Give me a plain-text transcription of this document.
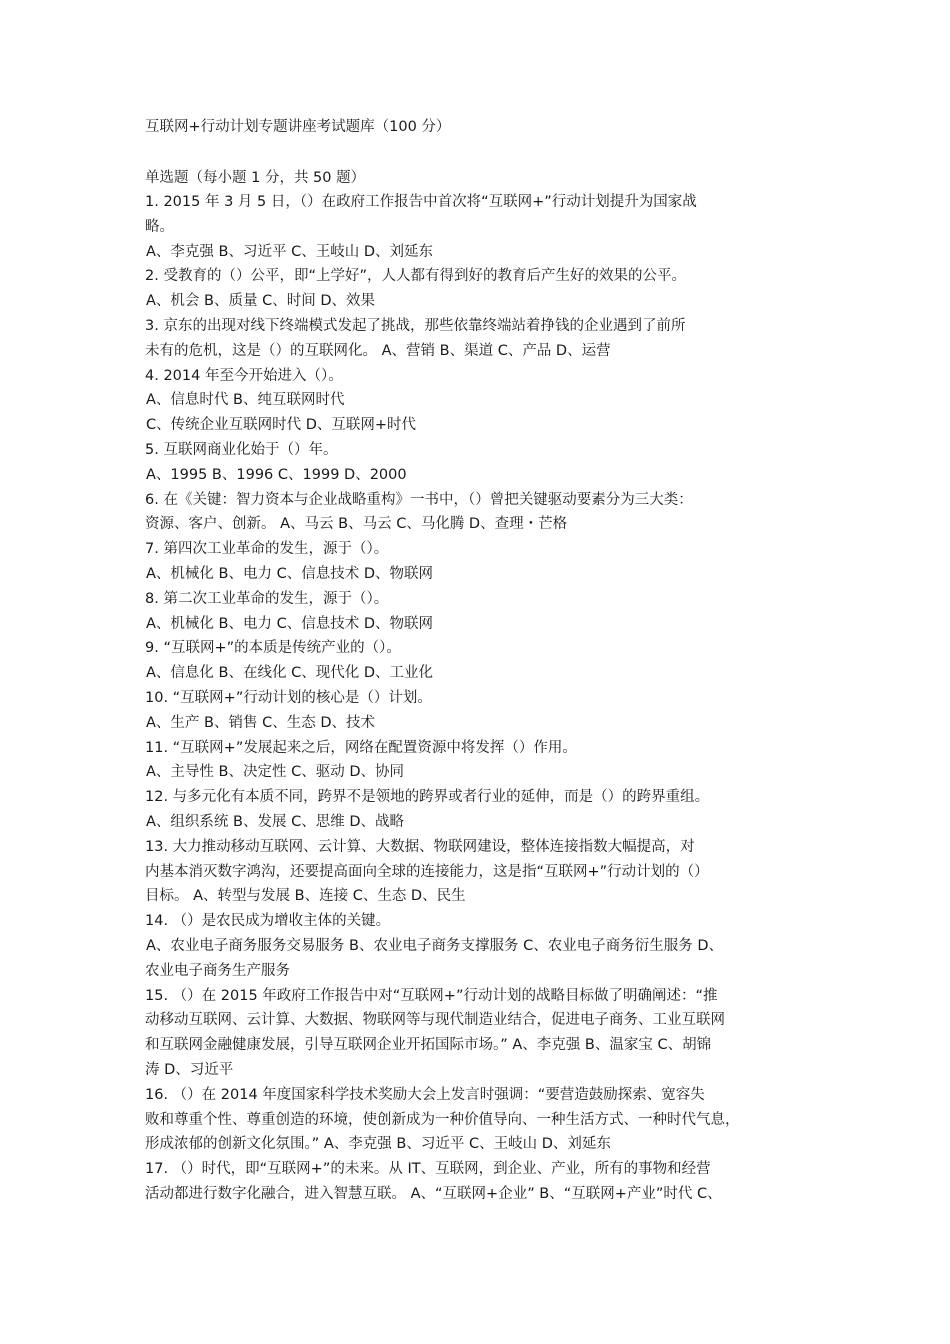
互联网+行动计划专题讲座考试题库（100 分）
单选题（每小题 1 分，共 50 题）
1. 2015 年 3 月 5 日，（）在政府工作报告中首次将“互联网+”行动计划提升为国家战
略。
A、李克强 B、习近平 C、王岐山 D、刘延东
2. 受教育的（）公平，即“上学好”，人人都有得到好的教育后产生好的效果的公平。
A、机会 B、质量 C、时间 D、效果
3. 京东的出现对线下终端模式发起了挑战，那些依靠终端站着挣钱的企业遇到了前所
未有的危机，这是（）的互联网化。 A、营销 B、渠道 C、产品 D、运营
4. 2014 年至今开始进入（）。
A、信息时代 B、纯互联网时代
C、传统企业互联网时代 D、互联网+时代
5. 互联网商业化始于（）年。
A、1995 B、1996 C、1999 D、2000
6. 在《关键：智力资本与企业战略重构》一书中，（）曾把关键驱动要素分为三大类：
资源、客户、创新。 A、马云 B、马云 C、马化腾 D、查理・芒格
7. 第四次工业革命的发生，源于（）。
A、机械化 B、电力 C、信息技术 D、物联网
8. 第二次工业革命的发生，源于（）。
A、机械化 B、电力 C、信息技术 D、物联网
9. “互联网+”的本质是传统产业的（）。
A、信息化 B、在线化 C、现代化 D、工业化
10. “互联网+”行动计划的核心是（）计划。
A、生产 B、销售 C、生态 D、技术
11. “互联网+”发展起来之后，网络在配置资源中将发挥（）作用。
A、主导性 B、决定性 C、驱动 D、协同
12. 与多元化有本质不同，跨界不是领地的跨界或者行业的延伸，而是（）的跨界重组。
A、组织系统 B、发展 C、思维 D、战略
13. 大力推动移动互联网、云计算、大数据、物联网建设，整体连接指数大幅提高，对
内基本消灭数字鸿沟，还要提高面向全球的连接能力，这是指“互联网+”行动计划的（）
目标。 A、转型与发展 B、连接 C、生态 D、民生
14. （）是农民成为增收主体的关键。
A、农业电子商务服务交易服务 B、农业电子商务支撑服务 C、农业电子商务衍生服务 D、
农业电子商务生产服务
15. （）在 2015 年政府工作报告中对“互联网+”行动计划的战略目标做了明确阐述：“推
动移动互联网、云计算、大数据、物联网等与现代制造业结合，促进电子商务、工业互联网
和互联网金融健康发展，引导互联网企业开拓国际市场。” A、李克强 B、温家宝 C、胡锦
涛 D、习近平
16. （）在 2014 年度国家科学技术奖励大会上发言时强调：“要营造鼓励探索、宽容失
败和尊重个性、尊重创造的环境，使创新成为一种价值导向、一种生活方式、一种时代气息，
形成浓郁的创新文化氛围。” A、李克强 B、习近平 C、王岐山 D、刘延东
17. （）时代，即“互联网+”的未来。从 IT、互联网，到企业、产业，所有的事物和经营
活动都进行数字化融合，进入智慧互联。 A、“互联网+企业” B、“互联网+产业”时代 C、
